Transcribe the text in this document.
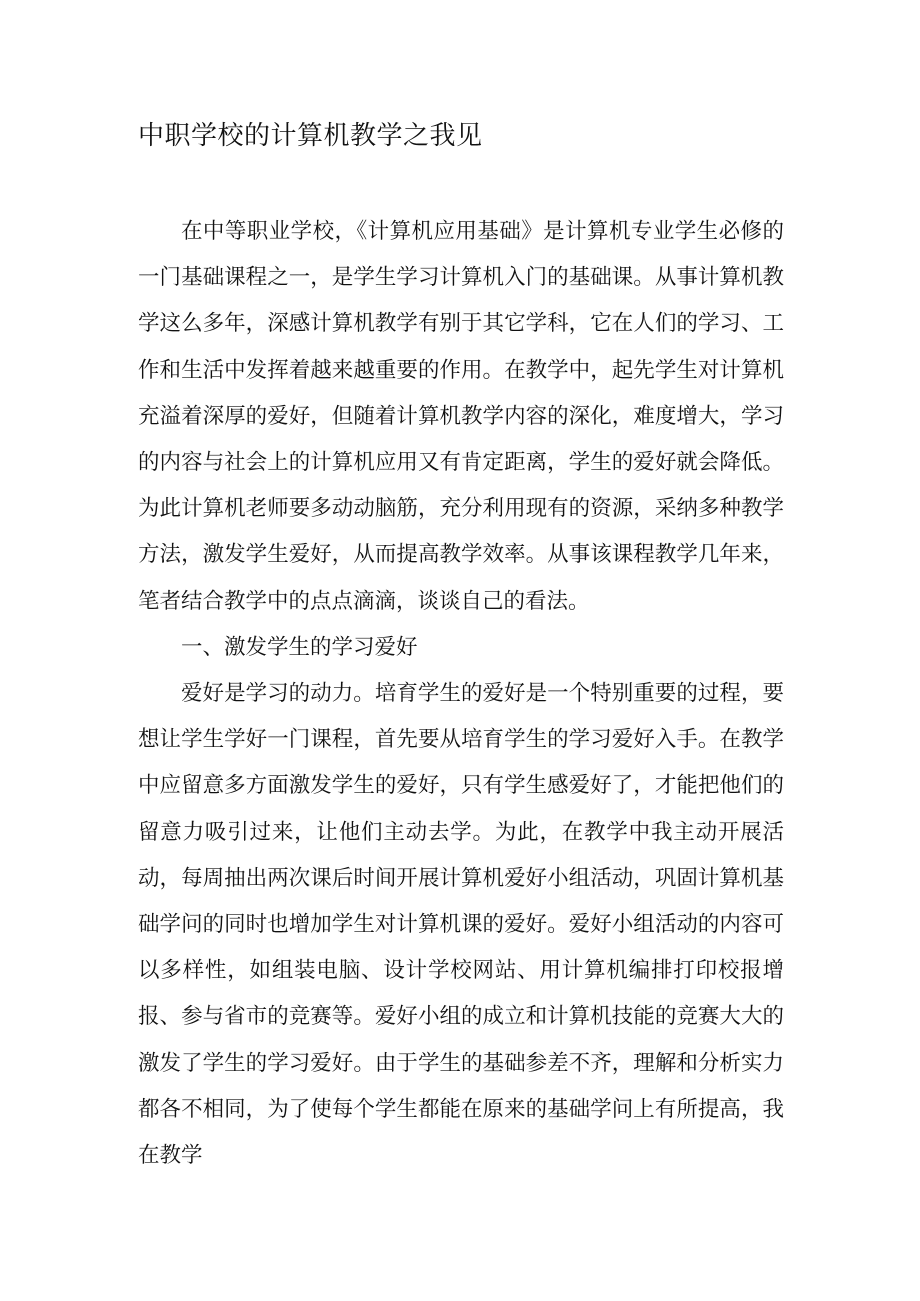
中职学校的计算机教学之我见

在中等职业学校，《计算机应用基础》是计算机专业学生必修的一门基础课程之一，是学生学习计算机入门的基础课。从事计算机教学这么多年，深感计算机教学有别于其它学科，它在人们的学习、工作和生活中发挥着越来越重要的作用。在教学中，起先学生对计算机充溢着深厚的爱好，但随着计算机教学内容的深化，难度增大，学习的内容与社会上的计算机应用又有肯定距离，学生的爱好就会降低。为此计算机老师要多动动脑筋，充分利用现有的资源，采纳多种教学方法，激发学生爱好，从而提高教学效率。从事该课程教学几年来，笔者结合教学中的点点滴滴，谈谈自己的看法。

一、激发学生的学习爱好

爱好是学习的动力。培育学生的爱好是一个特别重要的过程，要想让学生学好一门课程，首先要从培育学生的学习爱好入手。在教学中应留意多方面激发学生的爱好，只有学生感爱好了，才能把他们的留意力吸引过来，让他们主动去学。为此，在教学中我主动开展活动，每周抽出两次课后时间开展计算机爱好小组活动，巩固计算机基础学问的同时也增加学生对计算机课的爱好。爱好小组活动的内容可以多样性，如组装电脑、设计学校网站、用计算机编排打印校报增报、参与省市的竞赛等。爱好小组的成立和计算机技能的竞赛大大的激发了学生的学习爱好。由于学生的基础参差不齐，理解和分析实力都各不相同，为了使每个学生都能在原来的基础学问上有所提高，我在教学
